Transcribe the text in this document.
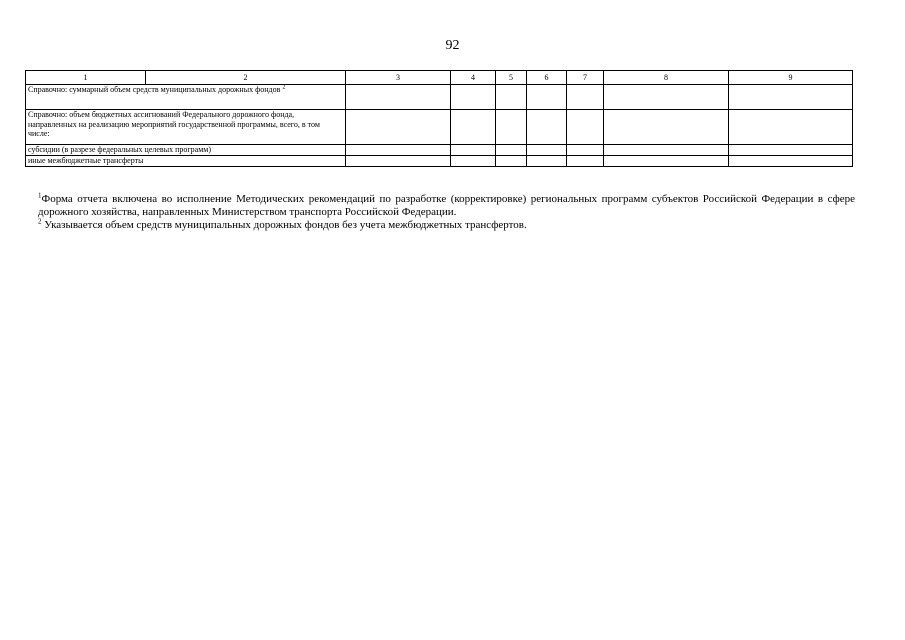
92
1	2	3	4	5	6	7	8	9
Справочно: суммарный объем средств муниципальных дорожных фондов $^2$							
Справочно: объем бюджетных ассигнований Федерального дорожного фонда, направленных на реализацию мероприятий государственной программы, всего, в том числе:								
субсидии (в разрезе федеральных целевых программ)								
иные межбюджетные трансферты								
$^1$Форма отчета включена во исполнение Методических рекомендаций по разработке (корректировке) региональных программ субъектов Российской Федерации в сфере дорожного хозяйства, направленных Министерством транспорта Российской Федерации.
$^2$ Указывается объем средств муниципальных дорожных фондов без учета межбюджетных трансфертов.
